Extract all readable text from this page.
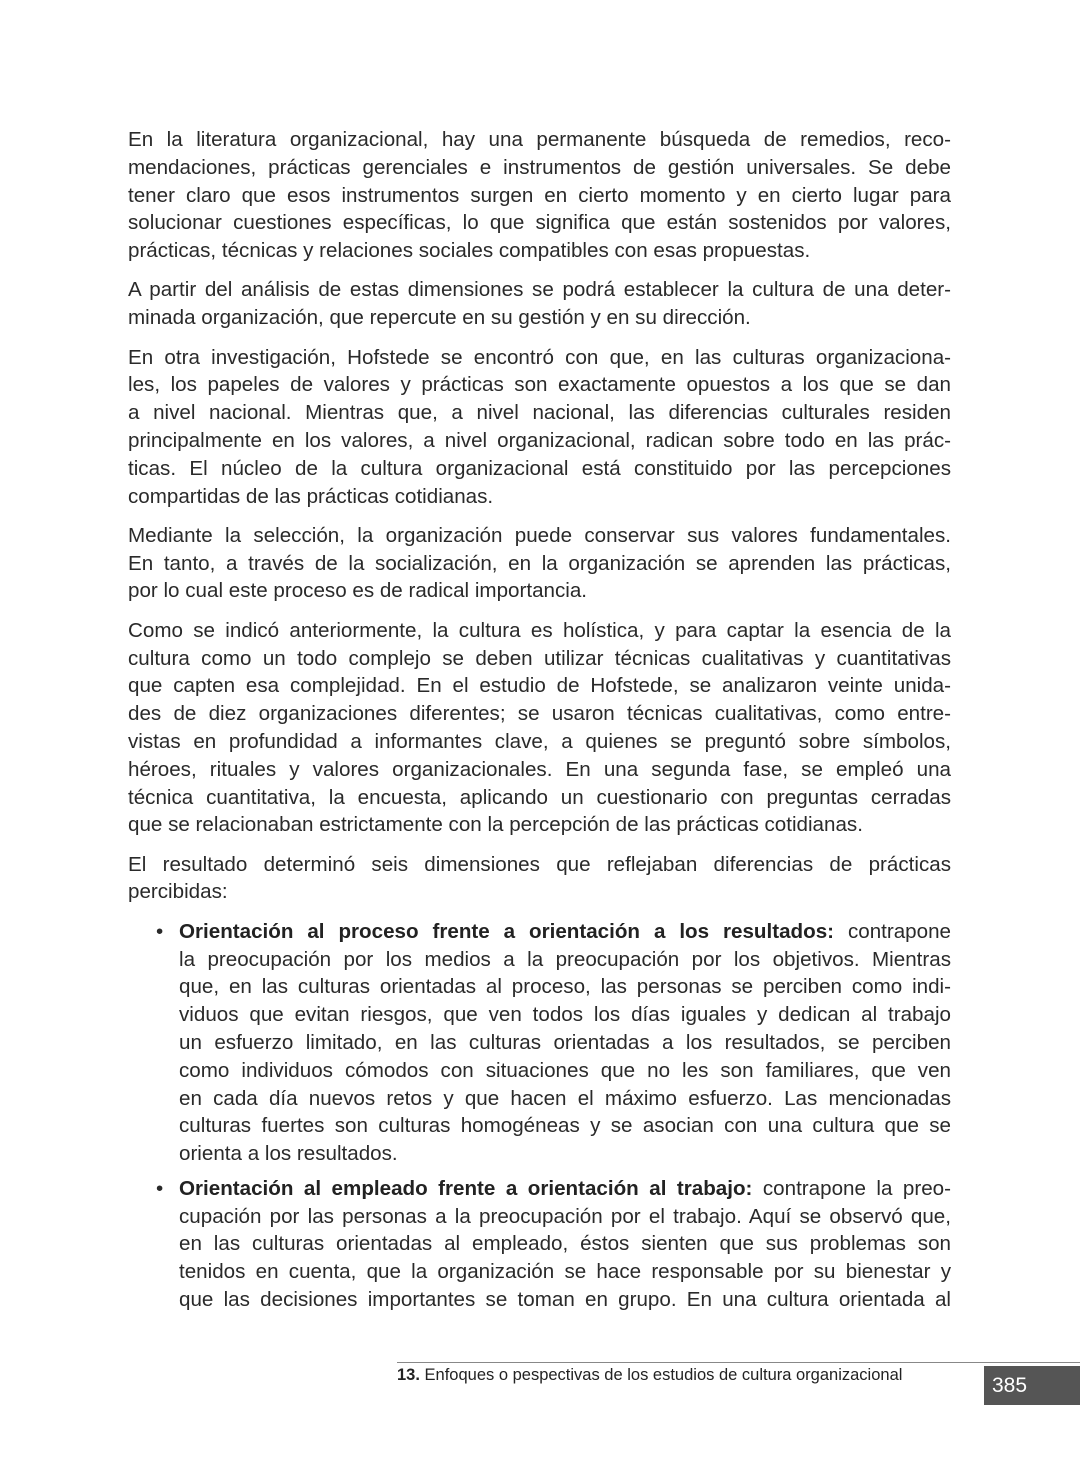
En la literatura organizacional, hay una permanente búsqueda de remedios, reco-
mendaciones, prácticas gerenciales e instrumentos de gestión universales. Se debe
tener claro que esos instrumentos surgen en cierto momento y en cierto lugar para
solucionar cuestiones específicas, lo que significa que están sostenidos por valores,
prácticas, técnicas y relaciones sociales compatibles con esas propuestas.
A partir del análisis de estas dimensiones se podrá establecer la cultura de una deter-
minada organización, que repercute en su gestión y en su dirección.
En otra investigación, Hofstede se encontró con que, en las culturas organizaciona-
les, los papeles de valores y prácticas son exactamente opuestos a los que se dan
a nivel nacional. Mientras que, a nivel nacional, las diferencias culturales residen
principalmente en los valores, a nivel organizacional, radican sobre todo en las prác-
ticas. El núcleo de la cultura organizacional está constituido por las percepciones
compartidas de las prácticas cotidianas.
Mediante la selección, la organización puede conservar sus valores fundamentales.
En tanto, a través de la socialización, en la organización se aprenden las prácticas,
por lo cual este proceso es de radical importancia.
Como se indicó anteriormente, la cultura es holística, y para captar la esencia de la
cultura como un todo complejo se deben utilizar técnicas cualitativas y cuantitativas
que capten esa complejidad. En el estudio de Hofstede, se analizaron veinte unida-
des de diez organizaciones diferentes; se usaron técnicas cualitativas, como entre-
vistas en profundidad a informantes clave, a quienes se preguntó sobre símbolos,
héroes, rituales y valores organizacionales. En una segunda fase, se empleó una
técnica cuantitativa, la encuesta, aplicando un cuestionario con preguntas cerradas
que se relacionaban estrictamente con la percepción de las prácticas cotidianas.
El resultado determinó seis dimensiones que reflejaban diferencias de prácticas
percibidas:
• Orientación al proceso frente a orientación a los resultados: contrapone
la preocupación por los medios a la preocupación por los objetivos. Mientras
que, en las culturas orientadas al proceso, las personas se perciben como indi-
viduos que evitan riesgos, que ven todos los días iguales y dedican al trabajo
un esfuerzo limitado, en las culturas orientadas a los resultados, se perciben
como individuos cómodos con situaciones que no les son familiares, que ven
en cada día nuevos retos y que hacen el máximo esfuerzo. Las mencionadas
culturas fuertes son culturas homogéneas y se asocian con una cultura que se
orienta a los resultados.
• Orientación al empleado frente a orientación al trabajo: contrapone la preo-
cupación por las personas a la preocupación por el trabajo. Aquí se observó que,
en las culturas orientadas al empleado, éstos sienten que sus problemas son
tenidos en cuenta, que la organización se hace responsable por su bienestar y
que las decisiones importantes se toman en grupo. En una cultura orientada al
13. Enfoques o pespectivas de los estudios de cultura organizacional	385
